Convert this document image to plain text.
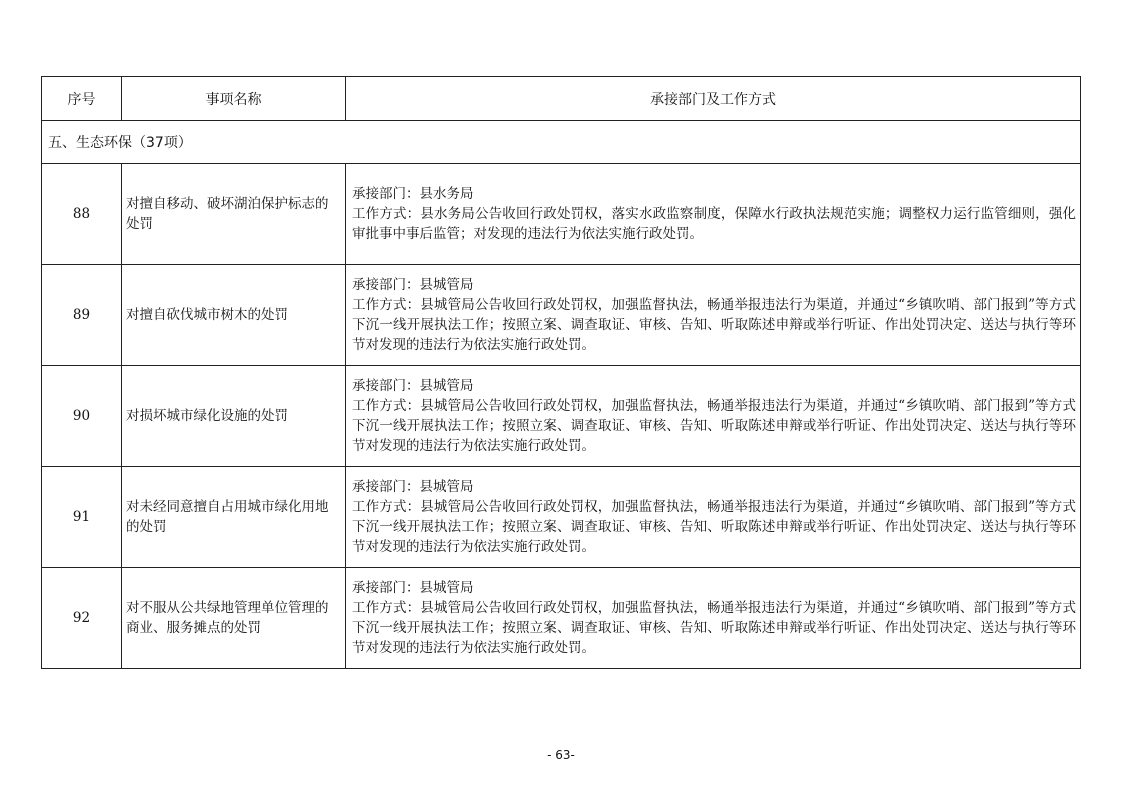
序号	事项名称	承接部门及工作方式
五、生态环保（37项）		
88	对擅自移动、破坏湖泊保护标志的处罚	承接部门：县水务局
工作方式：县水务局公告收回行政处罚权，落实水政监察制度，保障水行政执法规范实施；调整权力运行监管细则，强化审批事中事后监管；对发现的违法行为依法实施行政处罚。

89	对擅自砍伐城市树木的处罚	承接部门：县城管局
工作方式：县城管局公告收回行政处罚权，加强监督执法，畅通举报违法行为渠道，并通过“乡镇吹哨、部门报到”等方式下沉一线开展执法工作；按照立案、调查取证、审核、告知、听取陈述申辩或举行听证、作出处罚决定、送达与执行等环节对发现的违法行为依法实施行政处罚。

90	对损坏城市绿化设施的处罚	承接部门：县城管局
工作方式：县城管局公告收回行政处罚权，加强监督执法，畅通举报违法行为渠道，并通过“乡镇吹哨、部门报到”等方式下沉一线开展执法工作；按照立案、调查取证、审核、告知、听取陈述申辩或举行听证、作出处罚决定、送达与执行等环节对发现的违法行为依法实施行政处罚。

91	对未经同意擅自占用城市绿化用地的处罚	承接部门：县城管局
工作方式：县城管局公告收回行政处罚权，加强监督执法，畅通举报违法行为渠道，并通过“乡镇吹哨、部门报到”等方式下沉一线开展执法工作；按照立案、调查取证、审核、告知、听取陈述申辩或举行听证、作出处罚决定、送达与执行等环节对发现的违法行为依法实施行政处罚。

92	对不服从公共绿地管理单位管理的商业、服务摊点的处罚	承接部门：县城管局
工作方式：县城管局公告收回行政处罚权，加强监督执法，畅通举报违法行为渠道，并通过“乡镇吹哨、部门报到”等方式下沉一线开展执法工作；按照立案、调查取证、审核、告知、听取陈述申辩或举行听证、作出处罚决定、送达与执行等环节对发现的违法行为依法实施行政处罚。
- 63-
